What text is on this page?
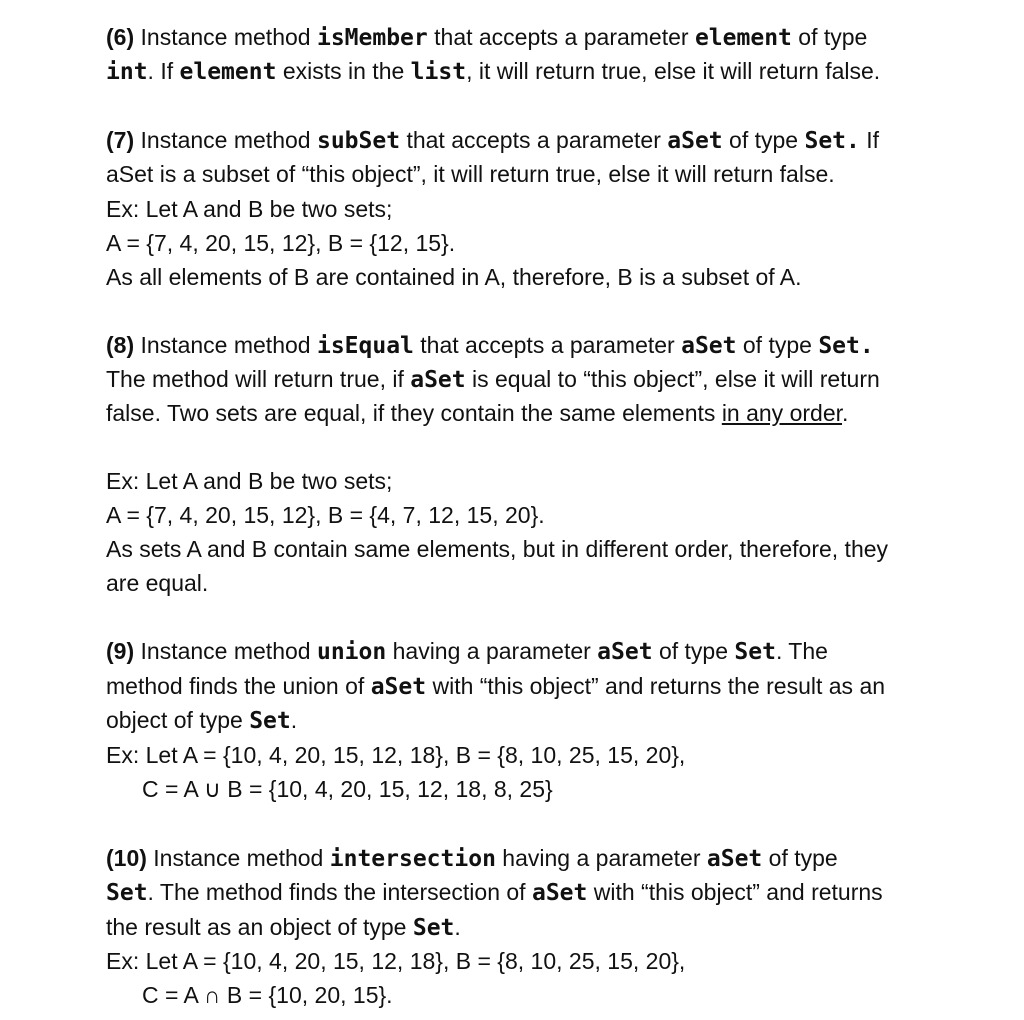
(6) Instance method isMember that accepts a parameter element of type
int. If element exists in the list, it will return true, else it will return false.
(7) Instance method subSet that accepts a parameter aSet of type Set. If
aSet is a subset of “this object”, it will return true, else it will return false.
Ex: Let A and B be two sets;
A = {7, 4, 20, 15, 12}, B = {12, 15}.
As all elements of B are contained in A, therefore, B is a subset of A.
(8) Instance method isEqual that accepts a parameter aSet of type Set.
The method will return true, if aSet is equal to “this object”, else it will return
false. Two sets are equal, if they contain the same elements in any order.
Ex: Let A and B be two sets;
A = {7, 4, 20, 15, 12}, B = {4, 7, 12, 15, 20}.
As sets A and B contain same elements, but in different order, therefore, they
are equal.
(9) Instance method union having a parameter aSet of type Set. The
method finds the union of aSet with “this object” and returns the result as an
object of type Set.
Ex: Let A = {10, 4, 20, 15, 12, 18}, B = {8, 10, 25, 15, 20},
C = A ∪ B = {10, 4, 20, 15, 12, 18, 8, 25}
(10) Instance method intersection having a parameter aSet of type
Set. The method finds the intersection of aSet with “this object” and returns
the result as an object of type Set.
Ex: Let A = {10, 4, 20, 15, 12, 18}, B = {8, 10, 25, 15, 20},
C = A ∩ B = {10, 20, 15}.
